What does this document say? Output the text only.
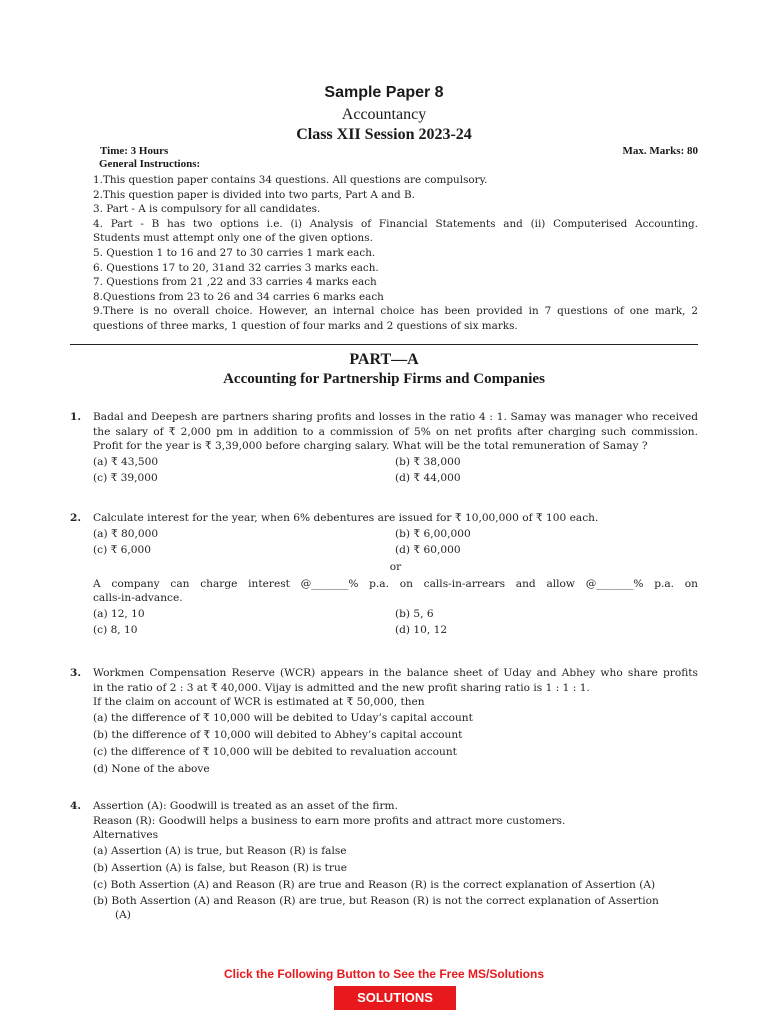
Sample Paper 8
Accountancy
Class XII Session 2023-24
Time: 3 Hours	Max. Marks: 80
General Instructions:
1.This question paper contains 34 questions. All questions are compulsory.
2.This question paper is divided into two parts, Part A and B.
3. Part - A is compulsory for all candidates.
4. Part - B has two options i.e. (i) Analysis of Financial Statements and (ii) Computerised Accounting.
Students must attempt only one of the given options.
5. Question 1 to 16 and 27 to 30 carries 1 mark each.
6. Questions 17 to 20, 31and 32 carries 3 marks each.
7. Questions from 21 ,22 and 33 carries 4 marks each
8.Questions from 23 to 26 and 34 carries 6 marks each
9.There is no overall choice. However, an internal choice has been provided in 7 questions of one mark, 2
questions of three marks, 1 question of four marks and 2 questions of six marks.
PART—A
Accounting for Partnership Firms and Companies
1. Badal and Deepesh are partners sharing profits and losses in the ratio 4 : 1. Samay was manager who received
the salary of ₹ 2,000 pm in addition to a commission of 5% on net profits after charging such commission.
Profit for the year is ₹ 3,39,000 before charging salary. What will be the total remuneration of Samay ?
(a) ₹ 43,500	(b) ₹ 38,000
(c) ₹ 39,000	(d) ₹ 44,000
2. Calculate interest for the year, when 6% debentures are issued for ₹ 10,00,000 of ₹ 100 each.
(a) ₹ 80,000	(b) ₹ 6,00,000
(c) ₹ 6,000	(d) ₹ 60,000
or
A company can charge interest @_______% p.a. on calls-in-arrears and allow @_______% p.a. on
calls-in-advance.
(a) 12, 10	(b) 5, 6
(c) 8, 10	(d) 10, 12
3. Workmen Compensation Reserve (WCR) appears in the balance sheet of Uday and Abhey who share profits
in the ratio of 2 : 3 at ₹ 40,000. Vijay is admitted and the new profit sharing ratio is 1 : 1 : 1.
If the claim on account of WCR is estimated at ₹ 50,000, then
(a) the difference of ₹ 10,000 will be debited to Uday’s capital account
(b) the difference of ₹ 10,000 will debited to Abhey’s capital account
(c) the difference of ₹ 10,000 will be debited to revaluation account
(d) None of the above
4. Assertion (A): Goodwill is treated as an asset of the firm.
Reason (R): Goodwill helps a business to earn more profits and attract more customers.
Alternatives
(a) Assertion (A) is true, but Reason (R) is false
(b) Assertion (A) is false, but Reason (R) is true
(c) Both Assertion (A) and Reason (R) are true and Reason (R) is the correct explanation of Assertion (A)
(b) Both Assertion (A) and Reason (R) are true, but Reason (R) is not the correct explanation of Assertion
(A)
Click the Following Button to See the Free MS/Solutions
SOLUTIONS
